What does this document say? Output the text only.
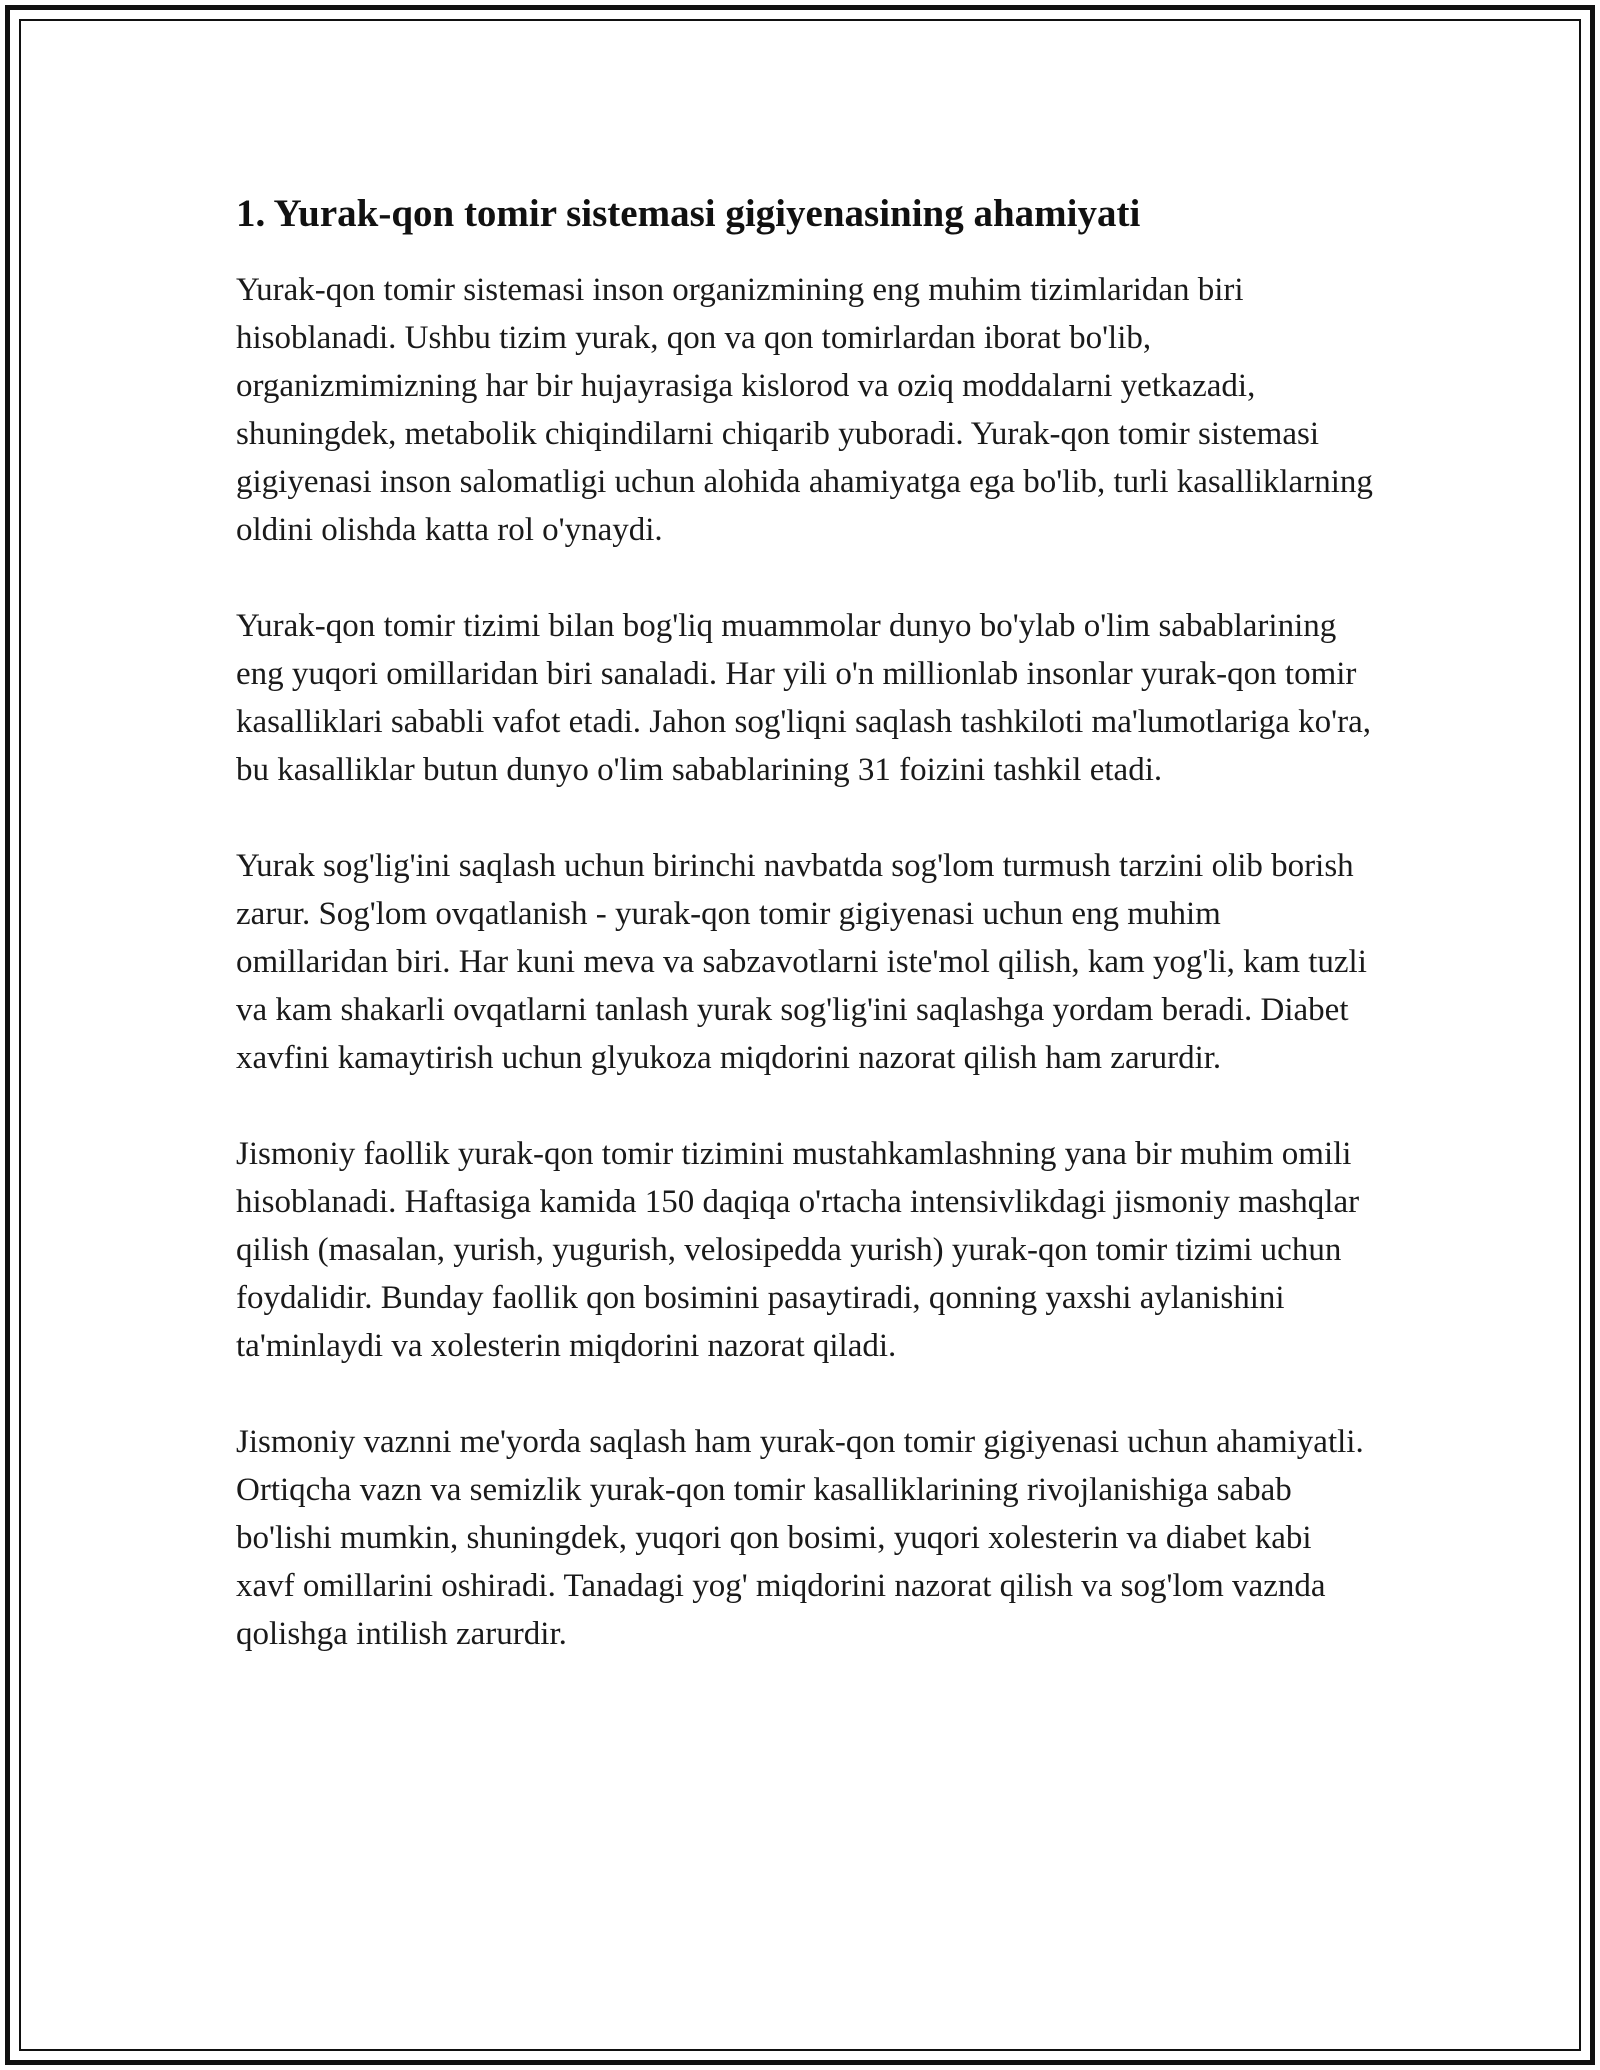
1. Yurak-qon tomir sistemasi gigiyenasining ahamiyati

Yurak-qon tomir sistemasi inson organizmining eng muhim tizimlaridan biri hisoblanadi. Ushbu tizim yurak, qon va qon tomirlardan iborat bo'lib, organizmimizning har bir hujayrasiga kislorod va oziq moddalarni yetkazadi, shuningdek, metabolik chiqindilarni chiqarib yuboradi. Yurak-qon tomir sistemasi gigiyenasi inson salomatligi uchun alohida ahamiyatga ega bo'lib, turli kasalliklarning oldini olishda katta rol o'ynaydi.

Yurak-qon tomir tizimi bilan bog'liq muammolar dunyo bo'ylab o'lim sabablarining eng yuqori omillaridan biri sanaladi. Har yili o'n millionlab insonlar yurak-qon tomir kasalliklari sababli vafot etadi. Jahon sog'liqni saqlash tashkiloti ma'lumotlariga ko'ra, bu kasalliklar butun dunyo o'lim sabablarining 31 foizini tashkil etadi.

Yurak sog'lig'ini saqlash uchun birinchi navbatda sog'lom turmush tarzini olib borish zarur. Sog'lom ovqatlanish - yurak-qon tomir gigiyenasi uchun eng muhim omillaridan biri. Har kuni meva va sabzavotlarni iste'mol qilish, kam yog'li, kam tuzli va kam shakarli ovqatlarni tanlash yurak sog'lig'ini saqlashga yordam beradi. Diabet xavfini kamaytirish uchun glyukoza miqdorini nazorat qilish ham zarurdir.

Jismoniy faollik yurak-qon tomir tizimini mustahkamlashning yana bir muhim omili hisoblanadi. Haftasiga kamida 150 daqiqa o'rtacha intensivlikdagi jismoniy mashqlar qilish (masalan, yurish, yugurish, velosipedda yurish) yurak-qon tomir tizimi uchun foydalidir. Bunday faollik qon bosimini pasaytiradi, qonning yaxshi aylanishini ta'minlaydi va xolesterin miqdorini nazorat qiladi.

Jismoniy vaznni me'yorda saqlash ham yurak-qon tomir gigiyenasi uchun ahamiyatli. Ortiqcha vazn va semizlik yurak-qon tomir kasalliklarining rivojlanishiga sabab bo'lishi mumkin, shuningdek, yuqori qon bosimi, yuqori xolesterin va diabet kabi xavf omillarini oshiradi. Tanadagi yog' miqdorini nazorat qilish va sog'lom vaznda qolishga intilish zarurdir.
